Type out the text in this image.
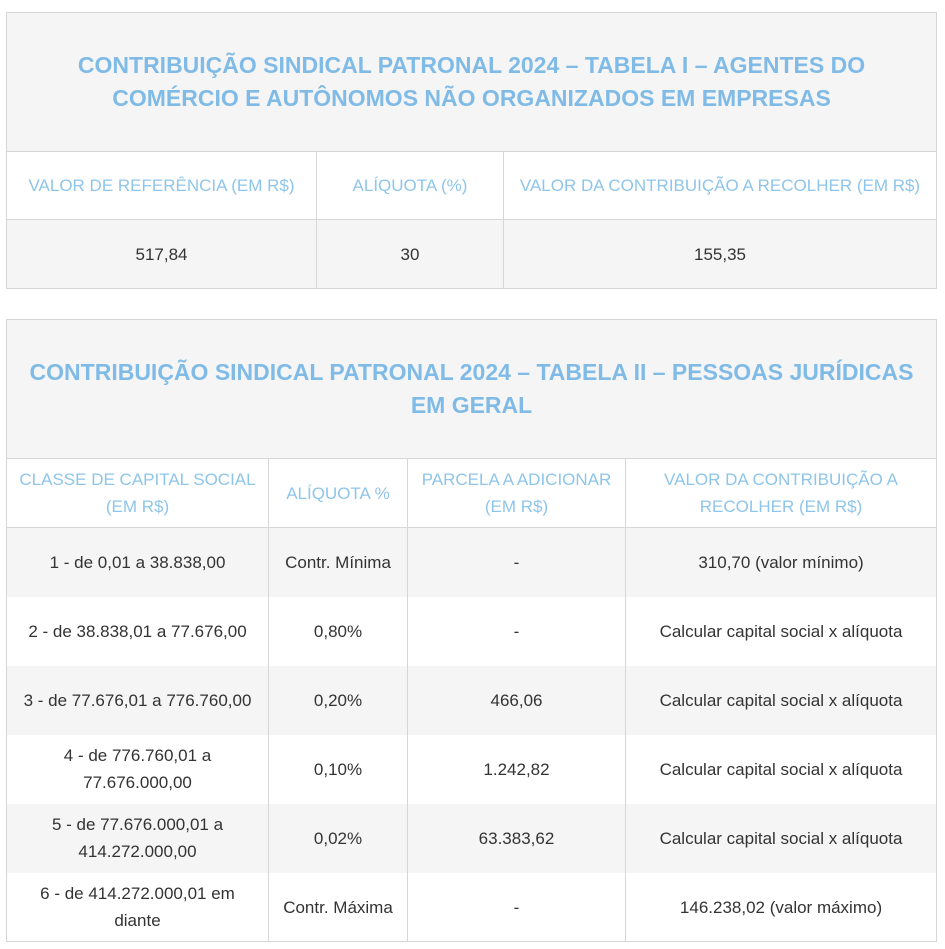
CONTRIBUIÇÃO SINDICAL PATRONAL 2024 – TABELA I – AGENTES DO COMÉRCIO E AUTÔNOMOS NÃO ORGANIZADOS EM EMPRESAS		
VALOR DE REFERÊNCIA (EM R$)	ALÍQUOTA (%)	VALOR DA CONTRIBUIÇÃO A RECOLHER (EM R$)
517,84	30	155,35
CONTRIBUIÇÃO SINDICAL PATRONAL 2024 – TABELA II – PESSOAS JURÍDICAS EM GERAL			
CLASSE DE CAPITAL SOCIAL (EM R$)	ALÍQUOTA %	PARCELA A ADICIONAR (EM R$)	VALOR DA CONTRIBUIÇÃO A RECOLHER (EM R$)
1 - de 0,01 a 38.838,00	Contr. Mínima	-	310,70 (valor mínimo)
2 - de 38.838,01 a 77.676,00	0,80%	-	Calcular capital social x alíquota
3 - de 77.676,01 a 776.760,00	0,20%	466,06	Calcular capital social x alíquota
4 - de 776.760,01 a 77.676.000,00	0,10%	1.242,82	Calcular capital social x alíquota
5 - de 77.676.000,01 a 414.272.000,00	0,02%	63.383,62	Calcular capital social x alíquota
6 - de 414.272.000,01 em diante	Contr. Máxima	-	146.238,02 (valor máximo)
